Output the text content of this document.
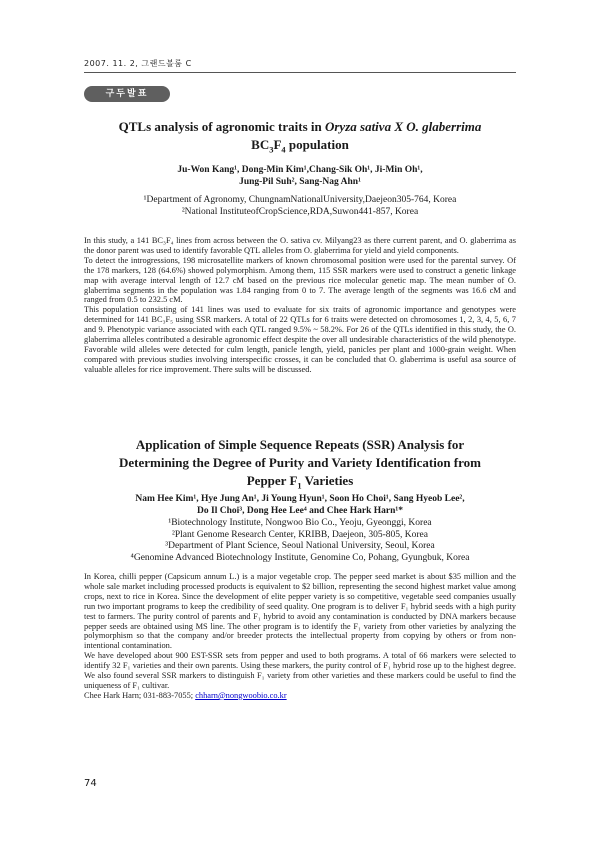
2007. 11. 2, 그랜드볼룸 C
구두발표
QTLs analysis of agronomic traits in Oryza sativa X O. glaberrima
$BC_3F_4$ population
Ju-Won Kang¹, Dong-Min Kim¹,Chang-Sik Oh¹, Ji-Min Oh¹,
Jung-Pil Suh², Sang-Nag Ahn¹
¹Department of Agronomy, ChungnamNationalUniversity,Daejeon305-764, Korea
²National InstituteofCropScience,RDA,Suwon441-857, Korea

In this study, a 141 BC₃F₄ lines from across between the O. sativa cv. Milyang23 as there current parent, and O. glaberrima as the donor parent was used to identify favorable QTL alleles from O. glaberrima for yield and yield components.

To detect the introgressions, 198 microsatellite markers of known chromosomal position were used for the parental survey. Of the 178 markers, 128 (64.6%) showed polymorphism. Among them, 115 SSR markers were used to construct a genetic linkage map with average interval length of 12.7 cM based on the previous rice molecular genetic map. The mean number of O. glaberrima segments in the population was 1.84 ranging from 0 to 7. The average length of the segments was 16.6 cM and ranged from 0.5 to 232.5 cM.

This population consisting of 141 lines was used to evaluate for six traits of agronomic importance and genotypes were determined for 141 BC₃F₅ using SSR markers. A total of 22 QTLs for 6 traits were detected on chromosomes 1, 2, 3, 4, 5, 6, 7 and 9. Phenotypic variance associated with each QTL ranged 9.5% ~ 58.2%. For 26 of the QTLs identified in this study, the O. glaberrima alleles contributed a desirable agronomic effect despite the over all undesirable characteristics of the wild phenotype. Favorable wild alleles were detected for culm length, panicle length, yield, panicles per plant and 1000-grain weight. When compared with previous studies involving interspecific crosses, it can be concluded that O. glaberrima is useful asa source of valuable alleles for rice improvement. There sults will be discussed.

Application of Simple Sequence Repeats (SSR) Analysis for
Determining the Degree of Purity and Variety Identification from
Pepper $F_1$ Varieties
Nam Hee Kim¹, Hye Jung An¹, Ji Young Hyun¹, Soon Ho Choi¹, Sang Hyeob Lee²,
Do Il Choi³, Dong Hee Lee⁴ and Chee Hark Harn¹*
¹Biotechnology Institute, Nongwoo Bio Co., Yeoju, Gyeonggi, Korea
²Plant Genome Research Center, KRIBB, Daejeon, 305-805, Korea
³Department of Plant Science, Seoul National University, Seoul, Korea
⁴Genomine Advanced Biotechnology Institute, Genomine Co, Pohang, Gyungbuk, Korea

In Korea, chilli pepper (Capsicum annum L.) is a major vegetable crop. The pepper seed market is about $35 million and the whole sale market including processed products is equivalent to $2 billion, representing the second highest market value among crops, next to rice in Korea. Since the development of elite pepper variety is so competitive, vegetable seed companies usually run two important programs to keep the credibility of seed quality. One program is to deliver F₁ hybrid seeds with a high purity test to farmers. The purity control of parents and F₁ hybrid to avoid any contamination is conducted by DNA markers because pepper seeds are obtained using MS line. The other program is to identify the F₁ variety from other varieties by analyzing the polymorphism so that the company and/or breeder protects the intellectual property from copying by others or from non-intentional contamination.

We have developed about 900 EST-SSR sets from pepper and used to both programs. A total of 66 markers were selected to identify 32 F₁ varieties and their own parents. Using these markers, the purity control of F₁ hybrid rose up to the highest degree. We also found several SSR markers to distinguish F₁ variety from other varieties and these markers could be useful to find the uniqueness of F₁ cultivar.

Chee Hark Harn; 031-883-7055; chharn@nongwoobio.co.kr

74
